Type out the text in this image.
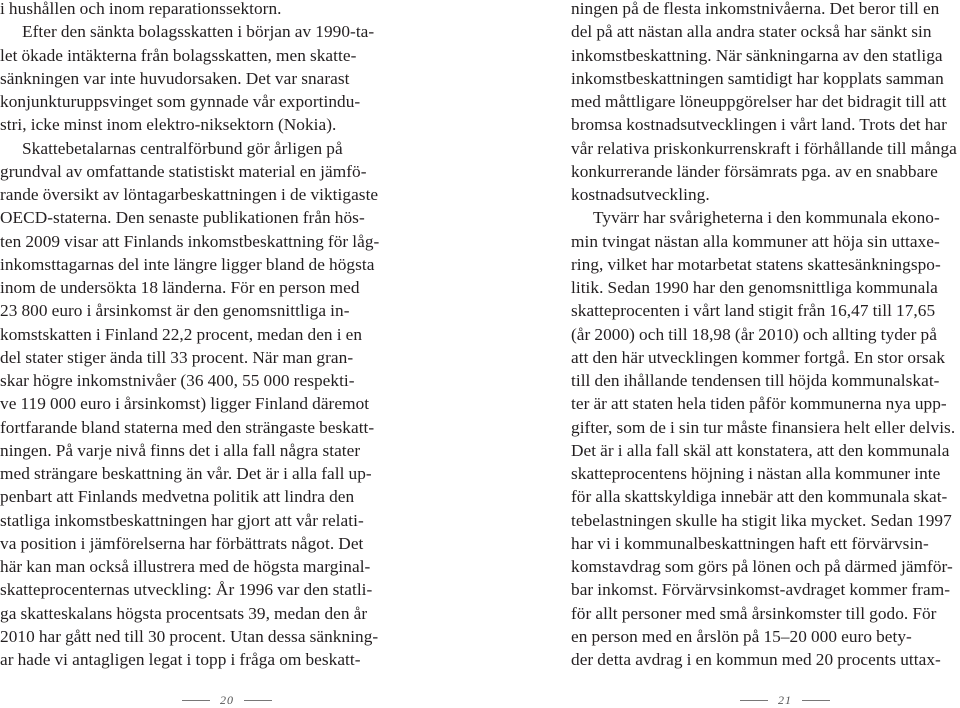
i hushållen och inom reparationssektorn.
Efter den sänkta bolagsskatten i början av 1990-ta-
let ökade intäkterna från bolagsskatten, men skatte-
sänkningen var inte huvudorsaken. Det var snarast
konjunkturuppsvinget som gynnade vår exportindu-
stri, icke minst inom elektro-niksektorn (Nokia).
Skattebetalarnas centralförbund gör årligen på
grundval av omfattande statistiskt material en jämfö-
rande översikt av löntagarbeskattningen i de viktigaste
OECD-staterna. Den senaste publikationen från hös-
ten 2009 visar att Finlands inkomstbeskattning för låg-
inkomsttagarnas del inte längre ligger bland de högsta
inom de undersökta 18 länderna. För en person med
23 800 euro i årsinkomst är den genomsnittliga in-
komstskatten i Finland 22,2 procent, medan den i en
del stater stiger ända till 33 procent. När man gran-
skar högre inkomstnivåer (36 400, 55 000 respekti-
ve 119 000 euro i årsinkomst) ligger Finland däremot
fortfarande bland staterna med den strängaste beskatt-
ningen. På varje nivå finns det i alla fall några stater
med strängare beskattning än vår. Det är i alla fall up-
penbart att Finlands medvetna politik att lindra den
statliga inkomstbeskattningen har gjort att vår relati-
va position i jämförelserna har förbättrats något. Det
här kan man också illustrera med de högsta marginal-
skatteprocenternas utveckling: År 1996 var den statli-
ga skatteskalans högsta procentsats 39, medan den år
2010 har gått ned till 30 procent. Utan dessa sänkning-
ar hade vi antagligen legat i topp i fråga om beskatt-
ningen på de flesta inkomstnivåerna. Det beror till en
del på att nästan alla andra stater också har sänkt sin
inkomstbeskattning. När sänkningarna av den statliga
inkomstbeskattningen samtidigt har kopplats samman
med måttligare löneuppgörelser har det bidragit till att
bromsa kostnadsutvecklingen i vårt land. Trots det har
vår relativa priskonkurrenskraft i förhållande till många
konkurrerande länder försämrats pga. av en snabbare
kostnadsutveckling.
Tyvärr har svårigheterna i den kommunala ekono-
min tvingat nästan alla kommuner att höja sin uttaxe-
ring, vilket har motarbetat statens skattesänkningspo-
litik. Sedan 1990 har den genomsnittliga kommunala
skatteprocenten i vårt land stigit från 16,47 till 17,65
(år 2000) och till 18,98 (år 2010) och allting tyder på
att den här utvecklingen kommer fortgå. En stor orsak
till den ihållande tendensen till höjda kommunalskat-
ter är att staten hela tiden påför kommunerna nya upp-
gifter, som de i sin tur måste finansiera helt eller delvis.
Det är i alla fall skäl att konstatera, att den kommunala
skatteprocentens höjning i nästan alla kommuner inte
för alla skattskyldiga innebär att den kommunala skat-
tebelastningen skulle ha stigit lika mycket. Sedan 1997
har vi i kommunalbeskattningen haft ett förvärvsin-
komstavdrag som görs på lönen och på därmed jämför-
bar inkomst. Förvärvsinkomst-avdraget kommer fram-
för allt personer med små årsinkomster till godo. För
en person med en årslön på 15–20 000 euro bety-
der detta avdrag i en kommun med 20 procents uttax-
20	21
